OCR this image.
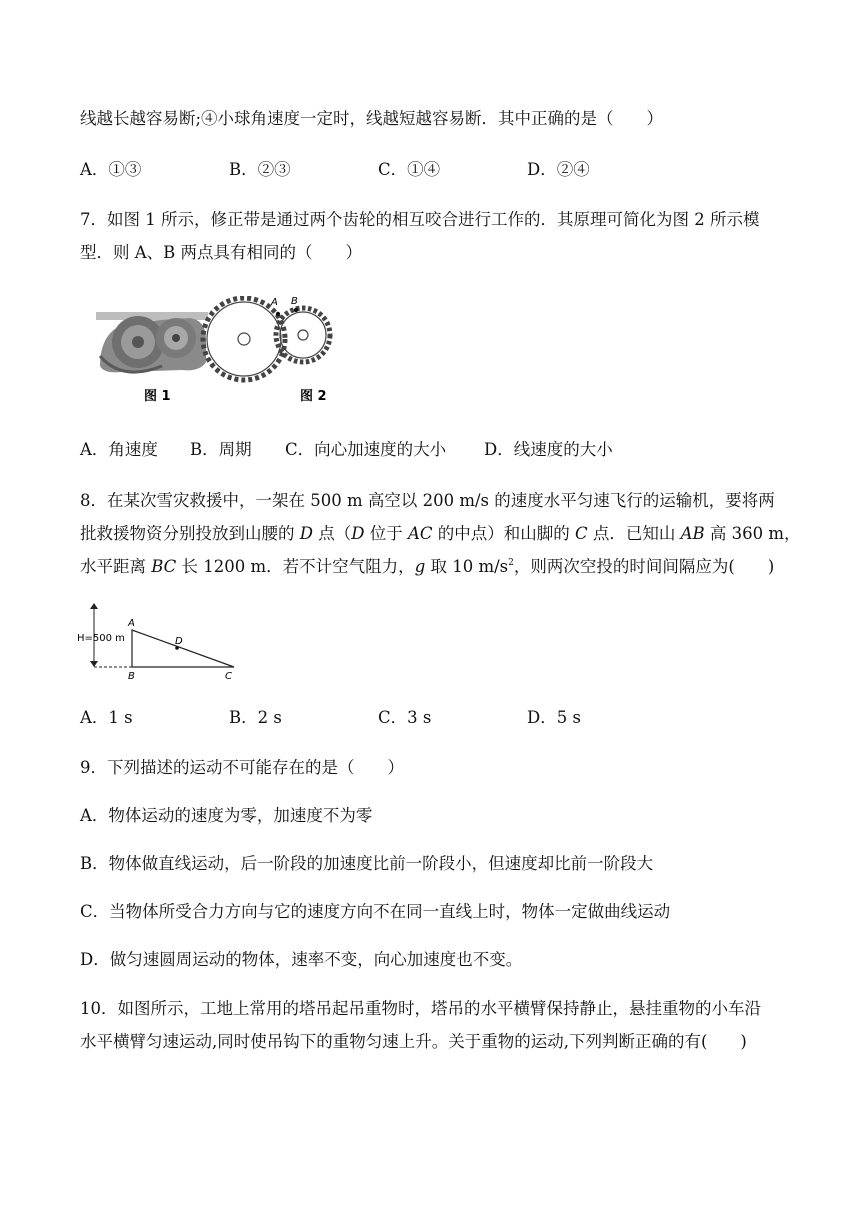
线越长越容易断;④小球角速度一定时，线越短越容易断．其中正确的是（　　）
A．①③	B．②③	C．①④	D．②④
7．如图 1 所示，修正带是通过两个齿轮的相互咬合进行工作的．其原理可简化为图 2 所示模
型．则 A、B 两点具有相同的（　　）
A B
图 1	图 2
A．角速度 B．周期 C．向心加速度的大小 D．线速度的大小
8．在某次雪灾救援中，一架在 500 m 高空以 200 m/s 的速度水平匀速飞行的运输机，要将两
批救援物资分别投放到山腰的 D 点（D 位于 AC 的中点）和山脚的 C 点．已知山 AB 高 360 m，
水平距离 BC 长 1200 m．若不计空气阻力，g 取 10 $m/s^2$，则两次空投的时间间隔应为(　　)
H=500 m
A
B	C
D
A．1 s	B．2 s	C．3 s	D．5 s
9．下列描述的运动不可能存在的是（　　）
A．物体运动的速度为零，加速度不为零
B．物体做直线运动，后一阶段的加速度比前一阶段小，但速度却比前一阶段大
C．当物体所受合力方向与它的速度方向不在同一直线上时，物体一定做曲线运动
D．做匀速圆周运动的物体，速率不变，向心加速度也不变。
10．如图所示，工地上常用的塔吊起吊重物时，塔吊的水平横臂保持静止，悬挂重物的小车沿
水平横臂匀速运动,同时使吊钩下的重物匀速上升。关于重物的运动,下列判断正确的有(　　)
